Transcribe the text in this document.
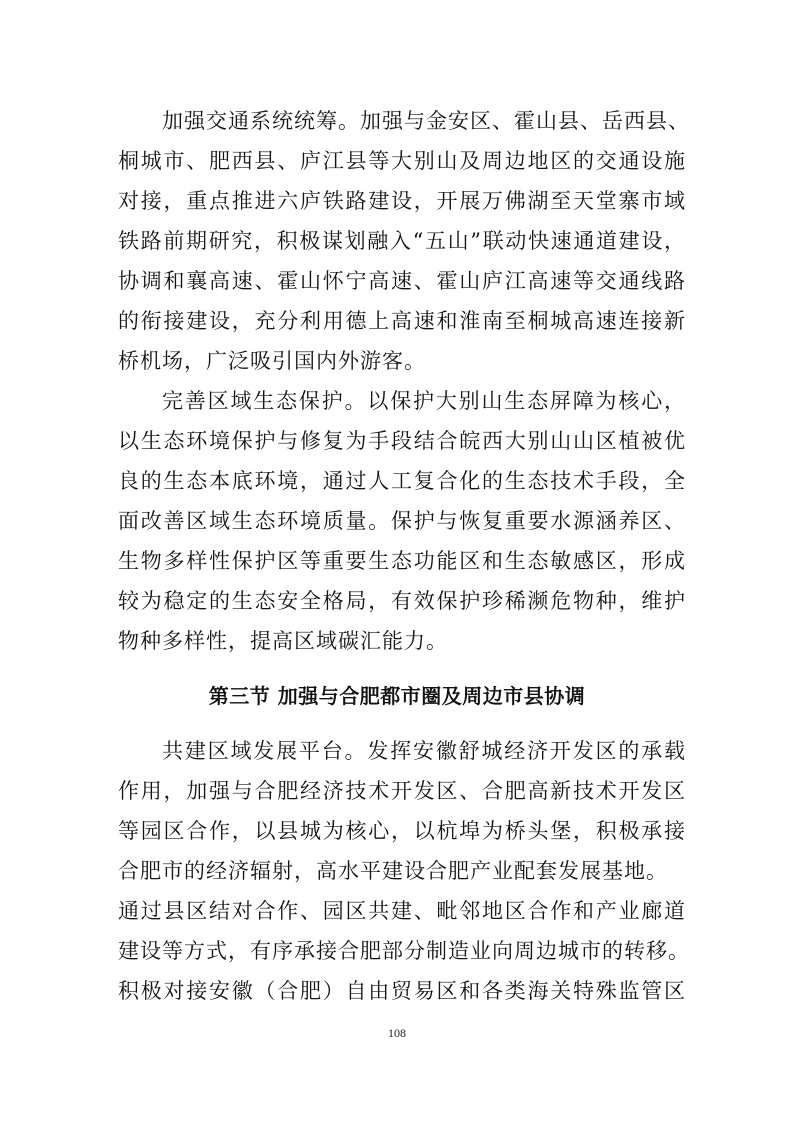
加强交通系统统筹。加强与金安区、霍山县、岳西县、
桐城市、肥西县、庐江县等大别山及周边地区的交通设施
对接，重点推进六庐铁路建设，开展万佛湖至天堂寨市域
铁路前期研究，积极谋划融入“五山”联动快速通道建设，
协调和襄高速、霍山怀宁高速、霍山庐江高速等交通线路
的衔接建设，充分利用德上高速和淮南至桐城高速连接新
桥机场，广泛吸引国内外游客。
完善区域生态保护。以保护大别山生态屏障为核心，
以生态环境保护与修复为手段结合皖西大别山山区植被优
良的生态本底环境，通过人工复合化的生态技术手段，全
面改善区域生态环境质量。保护与恢复重要水源涵养区、
生物多样性保护区等重要生态功能区和生态敏感区，形成
较为稳定的生态安全格局，有效保护珍稀濒危物种，维护
物种多样性，提高区域碳汇能力。
第三节 加强与合肥都市圈及周边市县协调
共建区域发展平台。发挥安徽舒城经济开发区的承载
作用，加强与合肥经济技术开发区、合肥高新技术开发区
等园区合作，以县城为核心，以杭埠为桥头堡，积极承接
合肥市的经济辐射，高水平建设合肥产业配套发展基地。
通过县区结对合作、园区共建、毗邻地区合作和产业廊道
建设等方式，有序承接合肥部分制造业向周边城市的转移。
积极对接安徽（合肥）自由贸易区和各类海关特殊监管区
108
